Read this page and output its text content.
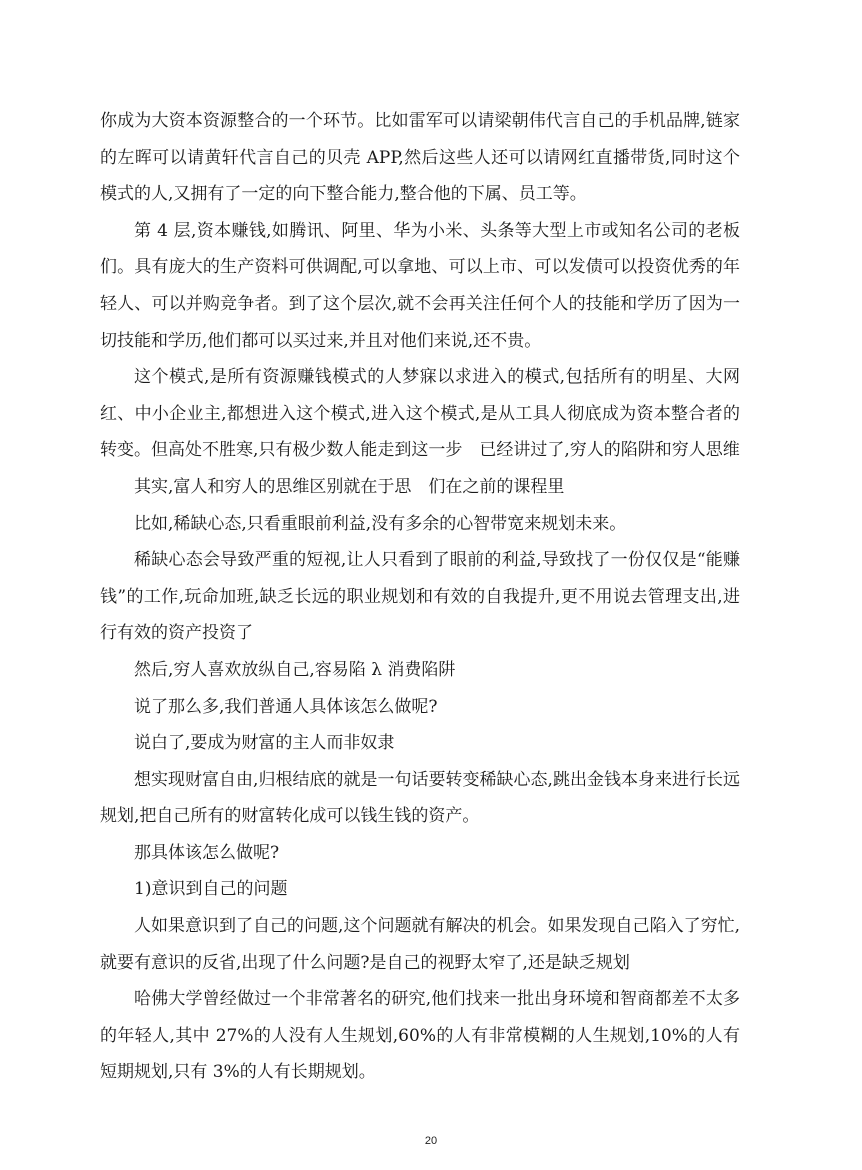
你成为大资本资源整合的一个环节。比如雷军可以请梁朝伟代言自己的手机品牌,链家的左晖可以请黄轩代言自己的贝壳 APP,然后这些人还可以请网红直播带货,同时这个模式的人,又拥有了一定的向下整合能力,整合他的下属、员工等。

第 4 层,资本赚钱,如腾讯、阿里、华为小米、头条等大型上市或知名公司的老板们。具有庞大的生产资料可供调配,可以拿地、可以上市、可以发债可以投资优秀的年轻人、可以并购竞争者。到了这个层次,就不会再关注任何个人的技能和学历了因为一切技能和学历,他们都可以买过来,并且对他们来说,还不贵。

这个模式,是所有资源赚钱模式的人梦寐以求进入的模式,包括所有的明星、大网红、中小企业主,都想进入这个模式,进入这个模式,是从工具人彻底成为资本整合者的转变。但高处不胜寒,只有极少数人能走到这一步　已经讲过了,穷人的陷阱和穷人思维

其实,富人和穷人的思维区别就在于思　们在之前的课程里

比如,稀缺心态,只看重眼前利益,没有多余的心智带宽来规划未来。

稀缺心态会导致严重的短视,让人只看到了眼前的利益,导致找了一份仅仅是“能赚钱”的工作,玩命加班,缺乏长远的职业规划和有效的自我提升,更不用说去管理支出,进行有效的资产投资了

然后,穷人喜欢放纵自己,容易陷 λ 消费陷阱

说了那么多,我们普通人具体该怎么做呢?

说白了,要成为财富的主人而非奴隶

想实现财富自由,归根结底的就是一句话要转变稀缺心态,跳出金钱本身来进行长远规划,把自己所有的财富转化成可以钱生钱的资产。

那具体该怎么做呢?

1)意识到自己的问题

人如果意识到了自己的问题,这个问题就有解决的机会。如果发现自己陷入了穷忙,就要有意识的反省,出现了什么问题?是自己的视野太窄了,还是缺乏规划

哈佛大学曾经做过一个非常著名的研究,他们找来一批出身环境和智商都差不太多的年轻人,其中 27%的人没有人生规划,60%的人有非常模糊的人生规划,10%的人有短期规划,只有 3%的人有长期规划。

20
